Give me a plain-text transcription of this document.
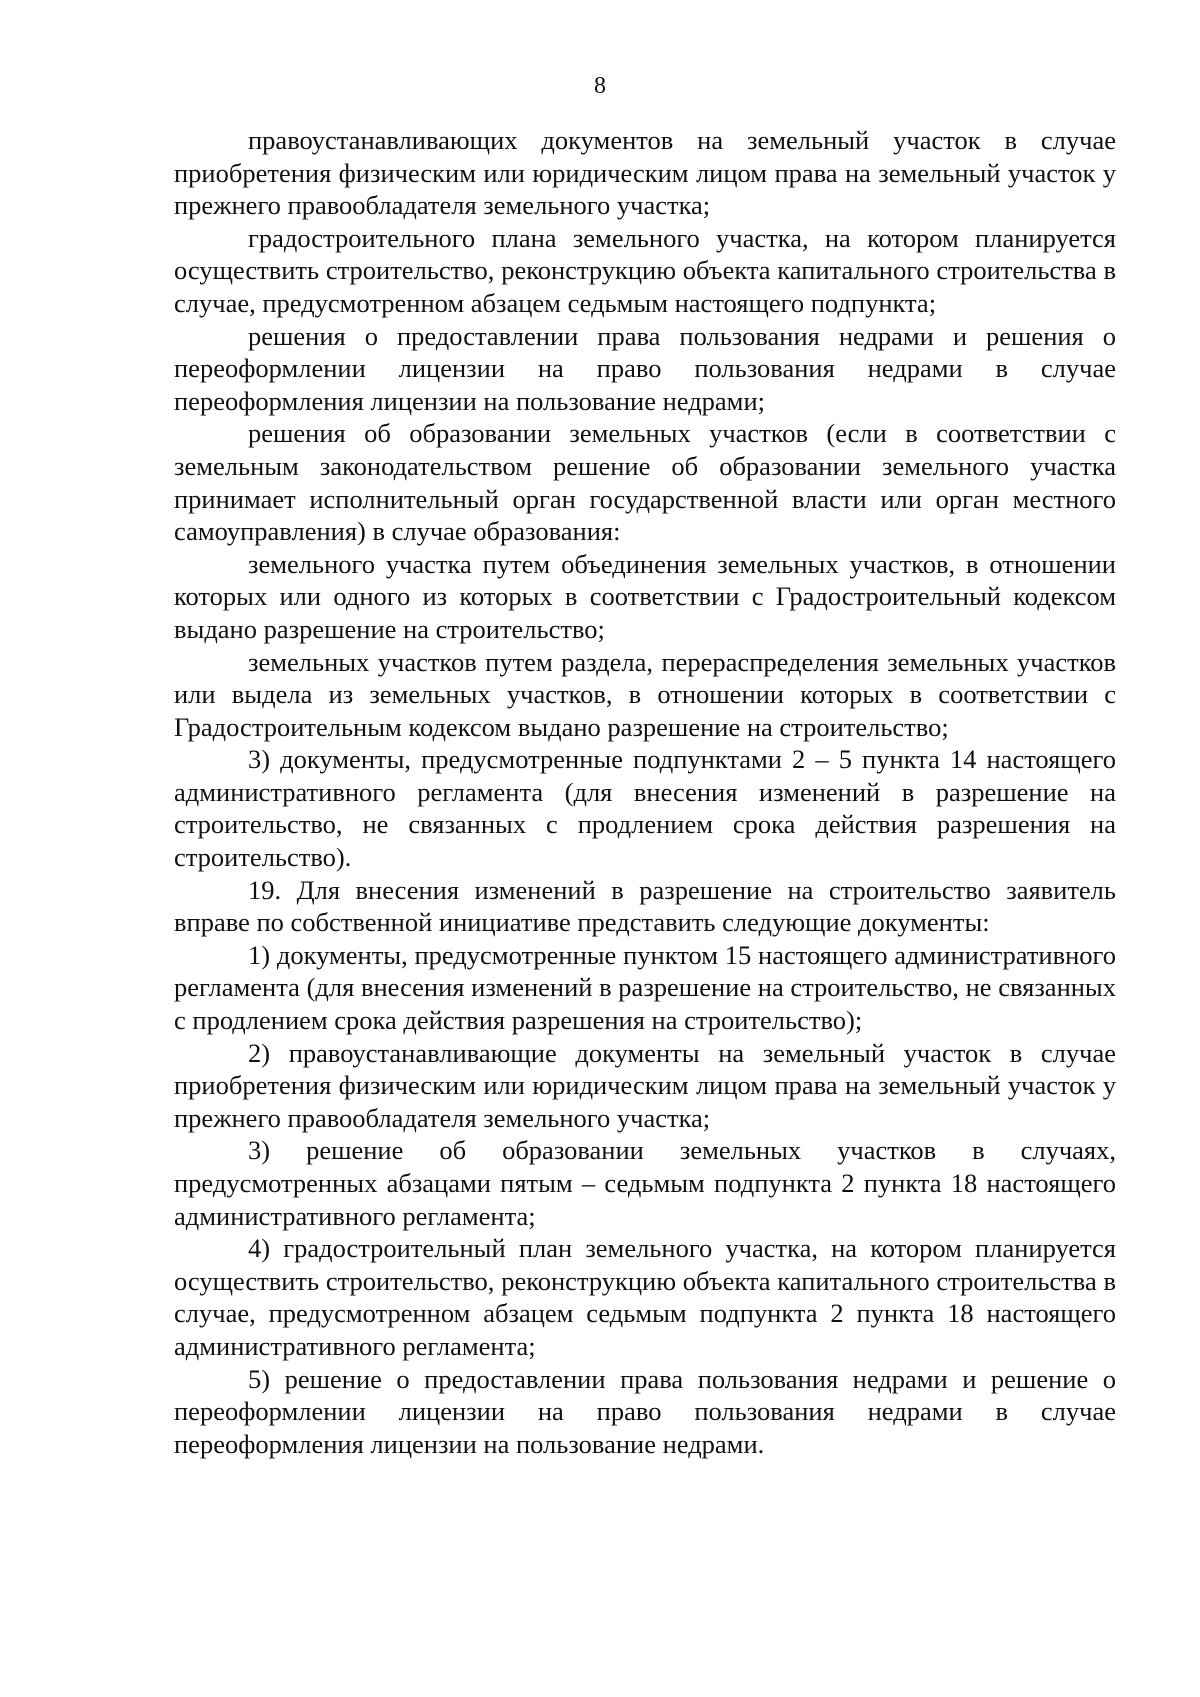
8

правоустанавливающих документов на земельный участок в случае приобретения физическим или юридическим лицом права на земельный участок у прежнего правообладателя земельного участка;

градостроительного плана земельного участка, на котором планируется осуществить строительство, реконструкцию объекта капитального строительства в случае, предусмотренном абзацем седьмым настоящего подпункта;

решения о предоставлении права пользования недрами и решения о переоформлении лицензии на право пользования недрами в случае переоформления лицензии на пользование недрами;

решения об образовании земельных участков (если в соответствии с земельным законодательством решение об образовании земельного участка принимает исполнительный орган государственной власти или орган местного самоуправления) в случае образования:

земельного участка путем объединения земельных участков, в отношении которых или одного из которых в соответствии с Градостроительный кодексом выдано разрешение на строительство;

земельных участков путем раздела, перераспределения земельных участков или выдела из земельных участков, в отношении которых в соответствии с Градостроительным кодексом выдано разрешение на строительство;

3) документы, предусмотренные подпунктами 2 – 5 пункта 14 настоящего административного регламента (для внесения изменений в разрешение на строительство, не связанных с продлением срока действия разрешения на строительство).

19. Для внесения изменений в разрешение на строительство заявитель вправе по собственной инициативе представить следующие документы:

1) документы, предусмотренные пунктом 15 настоящего административного регламента (для внесения изменений в разрешение на строительство, не связанных с продлением срока действия разрешения на строительство);

2) правоустанавливающие документы на земельный участок в случае приобретения физическим или юридическим лицом права на земельный участок у прежнего правообладателя земельного участка;

3) решение об образовании земельных участков в случаях, предусмотренных абзацами пятым – седьмым подпункта 2 пункта 18 настоящего административного регламента;

4) градостроительный план земельного участка, на котором планируется осуществить строительство, реконструкцию объекта капитального строительства в случае, предусмотренном абзацем седьмым подпункта 2 пункта 18 настоящего административного регламента;

5) решение о предоставлении права пользования недрами и решение о переоформлении лицензии на право пользования недрами в случае переоформления лицензии на пользование недрами.
